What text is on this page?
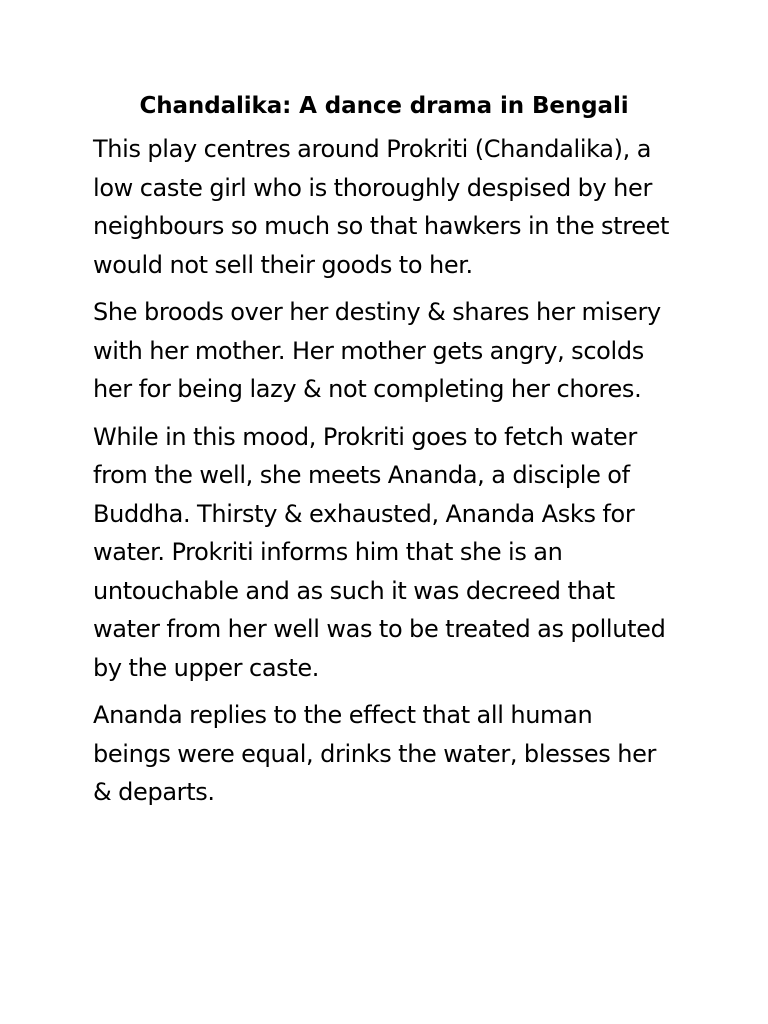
Chandalika: A dance drama in Bengali

This play centres around Prokriti (Chandalika), a low caste girl who is thoroughly despised by her neighbours so much so that hawkers in the street would not sell their goods to her.

She broods over her destiny & shares her misery with her mother. Her mother gets angry, scolds her for being lazy & not completing her chores.

While in this mood, Prokriti goes to fetch water from the well, she meets Ananda, a disciple of Buddha. Thirsty & exhausted, Ananda Asks for water. Prokriti informs him that she is an untouchable and as such it was decreed that water from her well was to be treated as polluted by the upper caste.

Ananda replies to the effect that all human beings were equal, drinks the water, blesses her & departs.
